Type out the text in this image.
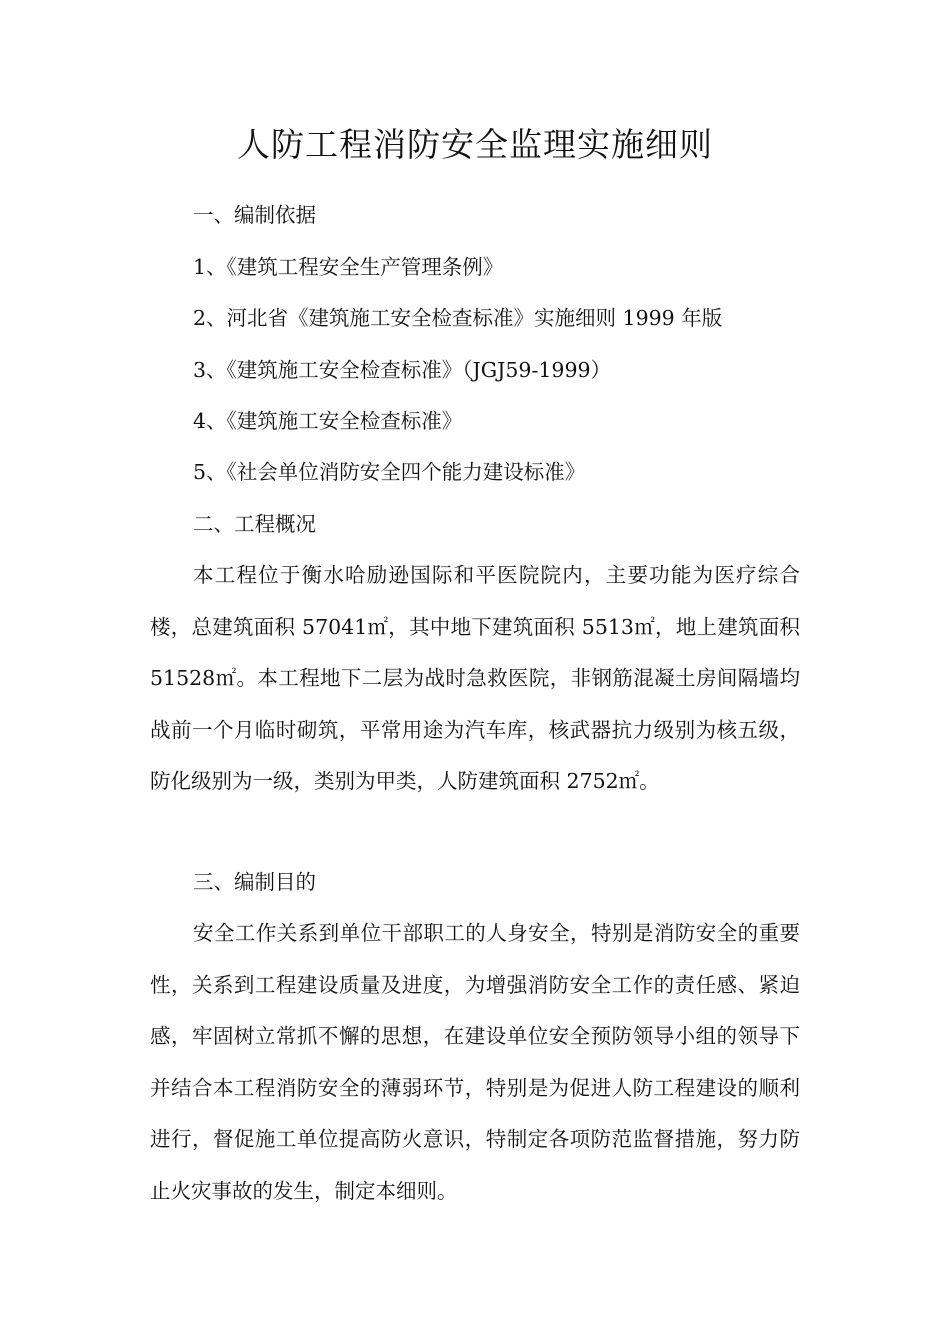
人防工程消防安全监理实施细则
一、编制依据
1、《建筑工程安全生产管理条例》
2、河北省《建筑施工安全检查标准》实施细则 1999 年版
3、《建筑施工安全检查标准》（JGJ59-1999）
4、《建筑施工安全检查标准》
5、《社会单位消防安全四个能力建设标准》
二、工程概况

本工程位于衡水哈励逊国际和平医院院内，主要功能为医疗综合楼，总建筑面积 57041㎡，其中地下建筑面积 5513㎡，地上建筑面积 51528㎡。本工程地下二层为战时急救医院，非钢筋混凝土房间隔墙均战前一个月临时砌筑，平常用途为汽车库，核武器抗力级别为核五级，防化级别为一级，类别为甲类，人防建筑面积 2752㎡。

三、编制目的

安全工作关系到单位干部职工的人身安全，特别是消防安全的重要性，关系到工程建设质量及进度，为增强消防安全工作的责任感、紧迫感，牢固树立常抓不懈的思想，在建设单位安全预防领导小组的领导下并结合本工程消防安全的薄弱环节，特别是为促进人防工程建设的顺利进行，督促施工单位提高防火意识，特制定各项防范监督措施，努力防止火灾事故的发生，制定本细则。
